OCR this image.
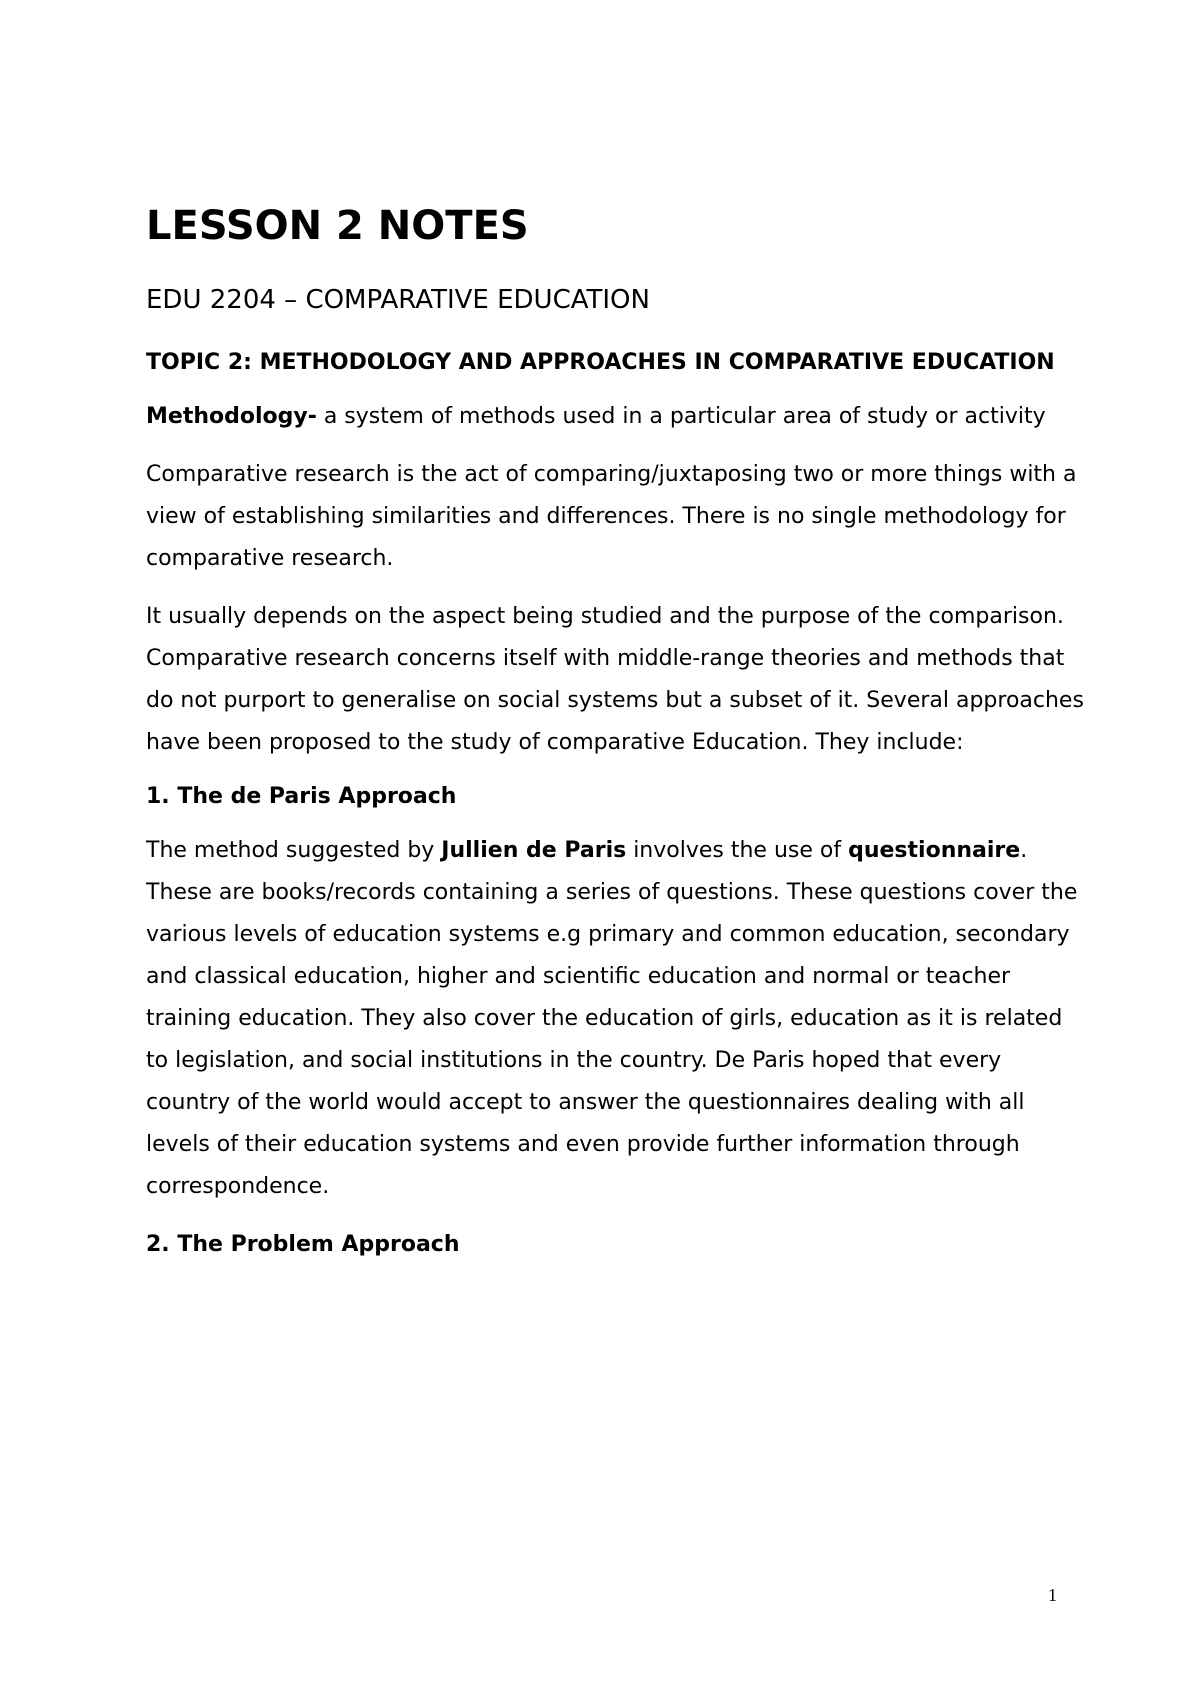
LESSON 2 NOTES
EDU 2204 – COMPARATIVE EDUCATION
TOPIC 2: METHODOLOGY AND APPROACHES IN COMPARATIVE EDUCATION

Methodology- a system of methods used in a particular area of study or activity

Comparative research is the act of comparing/juxtaposing two or more things with a view of establishing similarities and differences. There is no single methodology for comparative research.

It usually depends on the aspect being studied and the purpose of the comparison. Comparative research concerns itself with middle-range theories and methods that do not purport to generalise on social systems but a subset of it. Several approaches have been proposed to the study of comparative Education. They include:

1. The de Paris Approach

The method suggested by Jullien de Paris involves the use of questionnaire. These are books/records containing a series of questions. These questions cover the various levels of education systems e.g primary and common education, secondary and classical education, higher and scientific education and normal or teacher training education. They also cover the education of girls, education as it is related to legislation, and social institutions in the country. De Paris hoped that every country of the world would accept to answer the questionnaires dealing with all levels of their education systems and even provide further information through correspondence.

2. The Problem Approach
1
